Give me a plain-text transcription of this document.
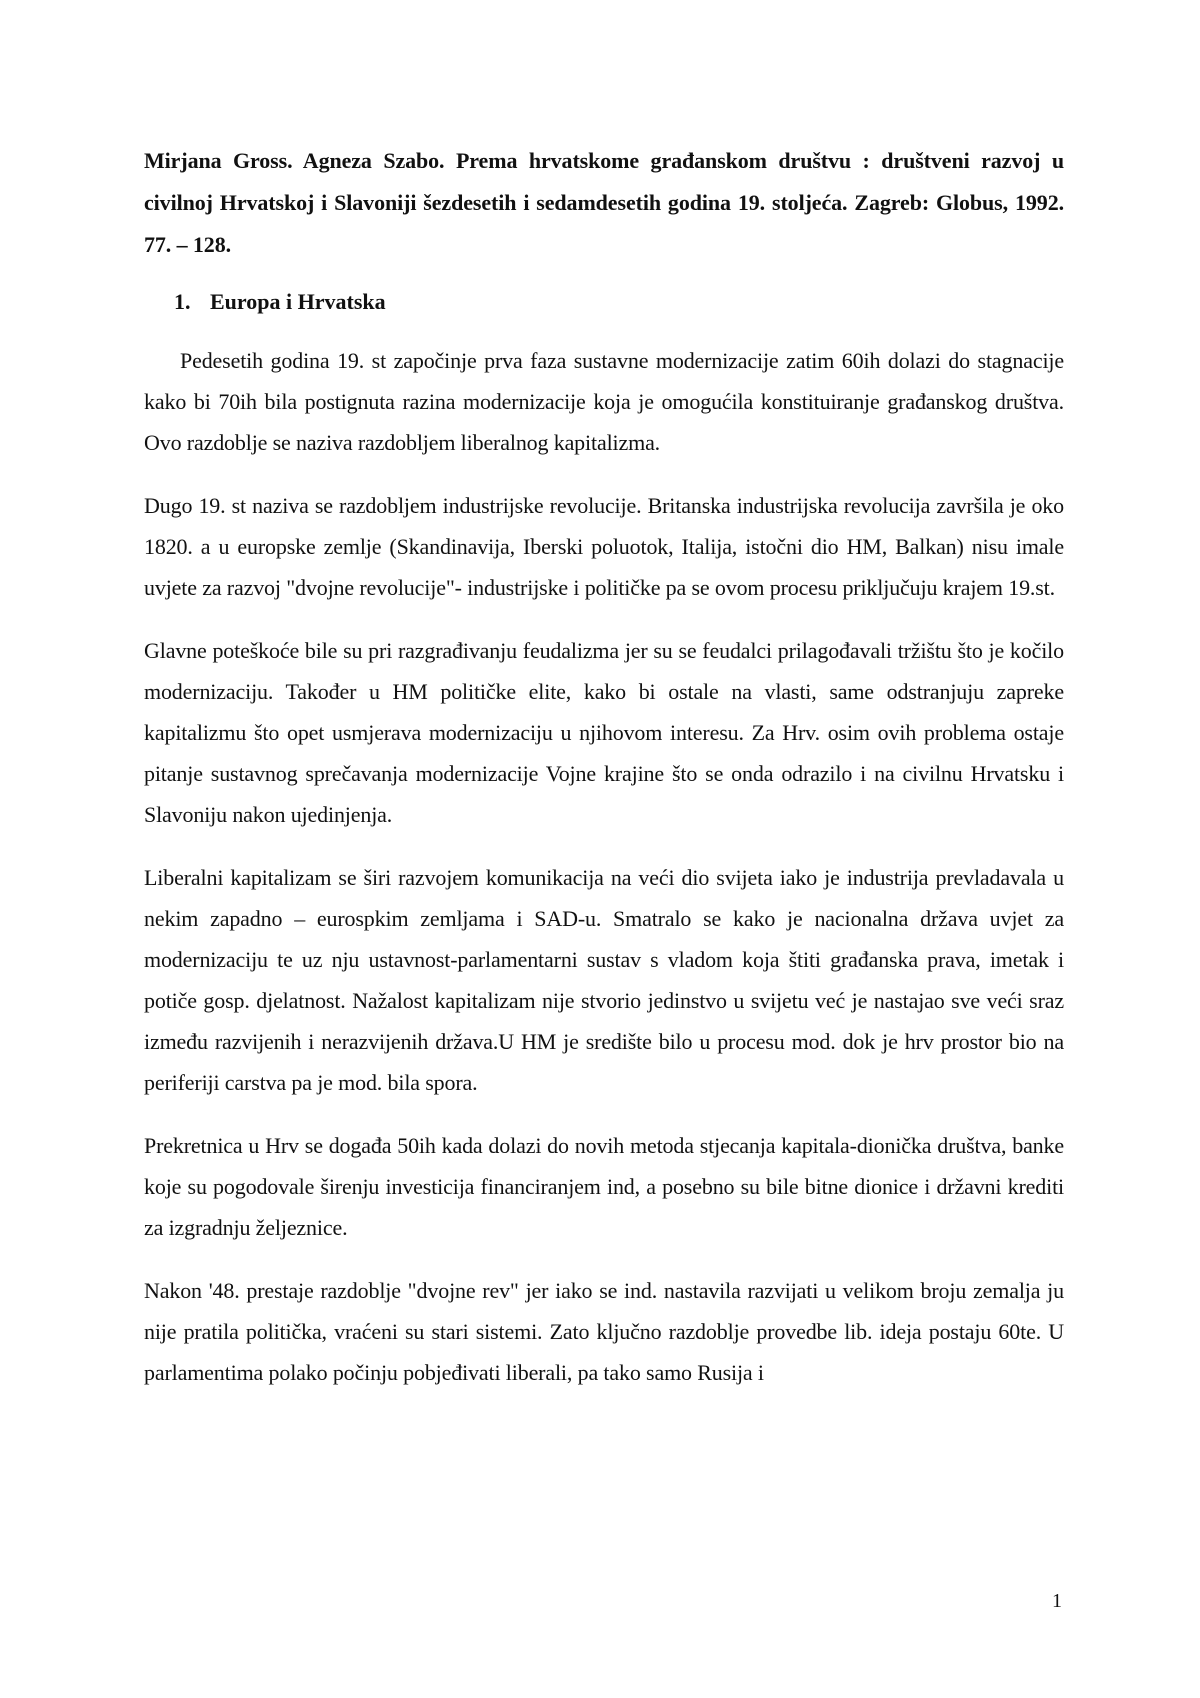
Mirjana Gross. Agneza Szabo. Prema hrvatskome građanskom društvu : društveni razvoj u civilnoj Hrvatskoj i Slavoniji šezdesetih i sedamdesetih godina 19. stoljeća. Zagreb: Globus, 1992. 77. – 128.

1. Europa i Hrvatska

Pedesetih godina 19. st započinje prva faza sustavne modernizacije zatim 60ih dolazi do stagnacije kako bi 70ih bila postignuta razina modernizacije koja je omogućila konstituiranje građanskog društva. Ovo razdoblje se naziva razdobljem liberalnog kapitalizma.

Dugo 19. st naziva se razdobljem industrijske revolucije. Britanska industrijska revolucija završila je oko 1820. a u europske zemlje (Skandinavija, Iberski poluotok, Italija, istočni dio HM, Balkan) nisu imale uvjete za razvoj "dvojne revolucije"- industrijske i političke pa se ovom procesu priključuju krajem 19.st.

Glavne poteškoće bile su pri razgrađivanju feudalizma jer su se feudalci prilagođavali tržištu što je kočilo modernizaciju. Također u HM političke elite, kako bi ostale na vlasti, same odstranjuju zapreke kapitalizmu što opet usmjerava modernizaciju u njihovom interesu. Za Hrv. osim ovih problema ostaje pitanje sustavnog sprečavanja modernizacije Vojne krajine što se onda odrazilo i na civilnu Hrvatsku i Slavoniju nakon ujedinjenja.

Liberalni kapitalizam se širi razvojem komunikacija na veći dio svijeta iako je industrija prevladavala u nekim zapadno – eurospkim zemljama i SAD-u. Smatralo se kako je nacionalna država uvjet za modernizaciju te uz nju ustavnost-parlamentarni sustav s vladom koja štiti građanska prava, imetak i potiče gosp. djelatnost. Nažalost kapitalizam nije stvorio jedinstvo u svijetu već je nastajao sve veći sraz između razvijenih i nerazvijenih država.U HM je središte bilo u procesu mod. dok je hrv prostor bio na periferiji carstva pa je mod. bila spora.

Prekretnica u Hrv se događa 50ih kada dolazi do novih metoda stjecanja kapitala-dionička društva, banke koje su pogodovale širenju investicija financiranjem ind, a posebno su bile bitne dionice i državni krediti za izgradnju željeznice.

Nakon '48. prestaje razdoblje "dvojne rev" jer iako se ind. nastavila razvijati u velikom broju zemalja ju nije pratila politička, vraćeni su stari sistemi. Zato ključno razdoblje provedbe lib. ideja postaju 60te. U parlamentima polako počinju pobjeđivati liberali, pa tako samo Rusija i

1
